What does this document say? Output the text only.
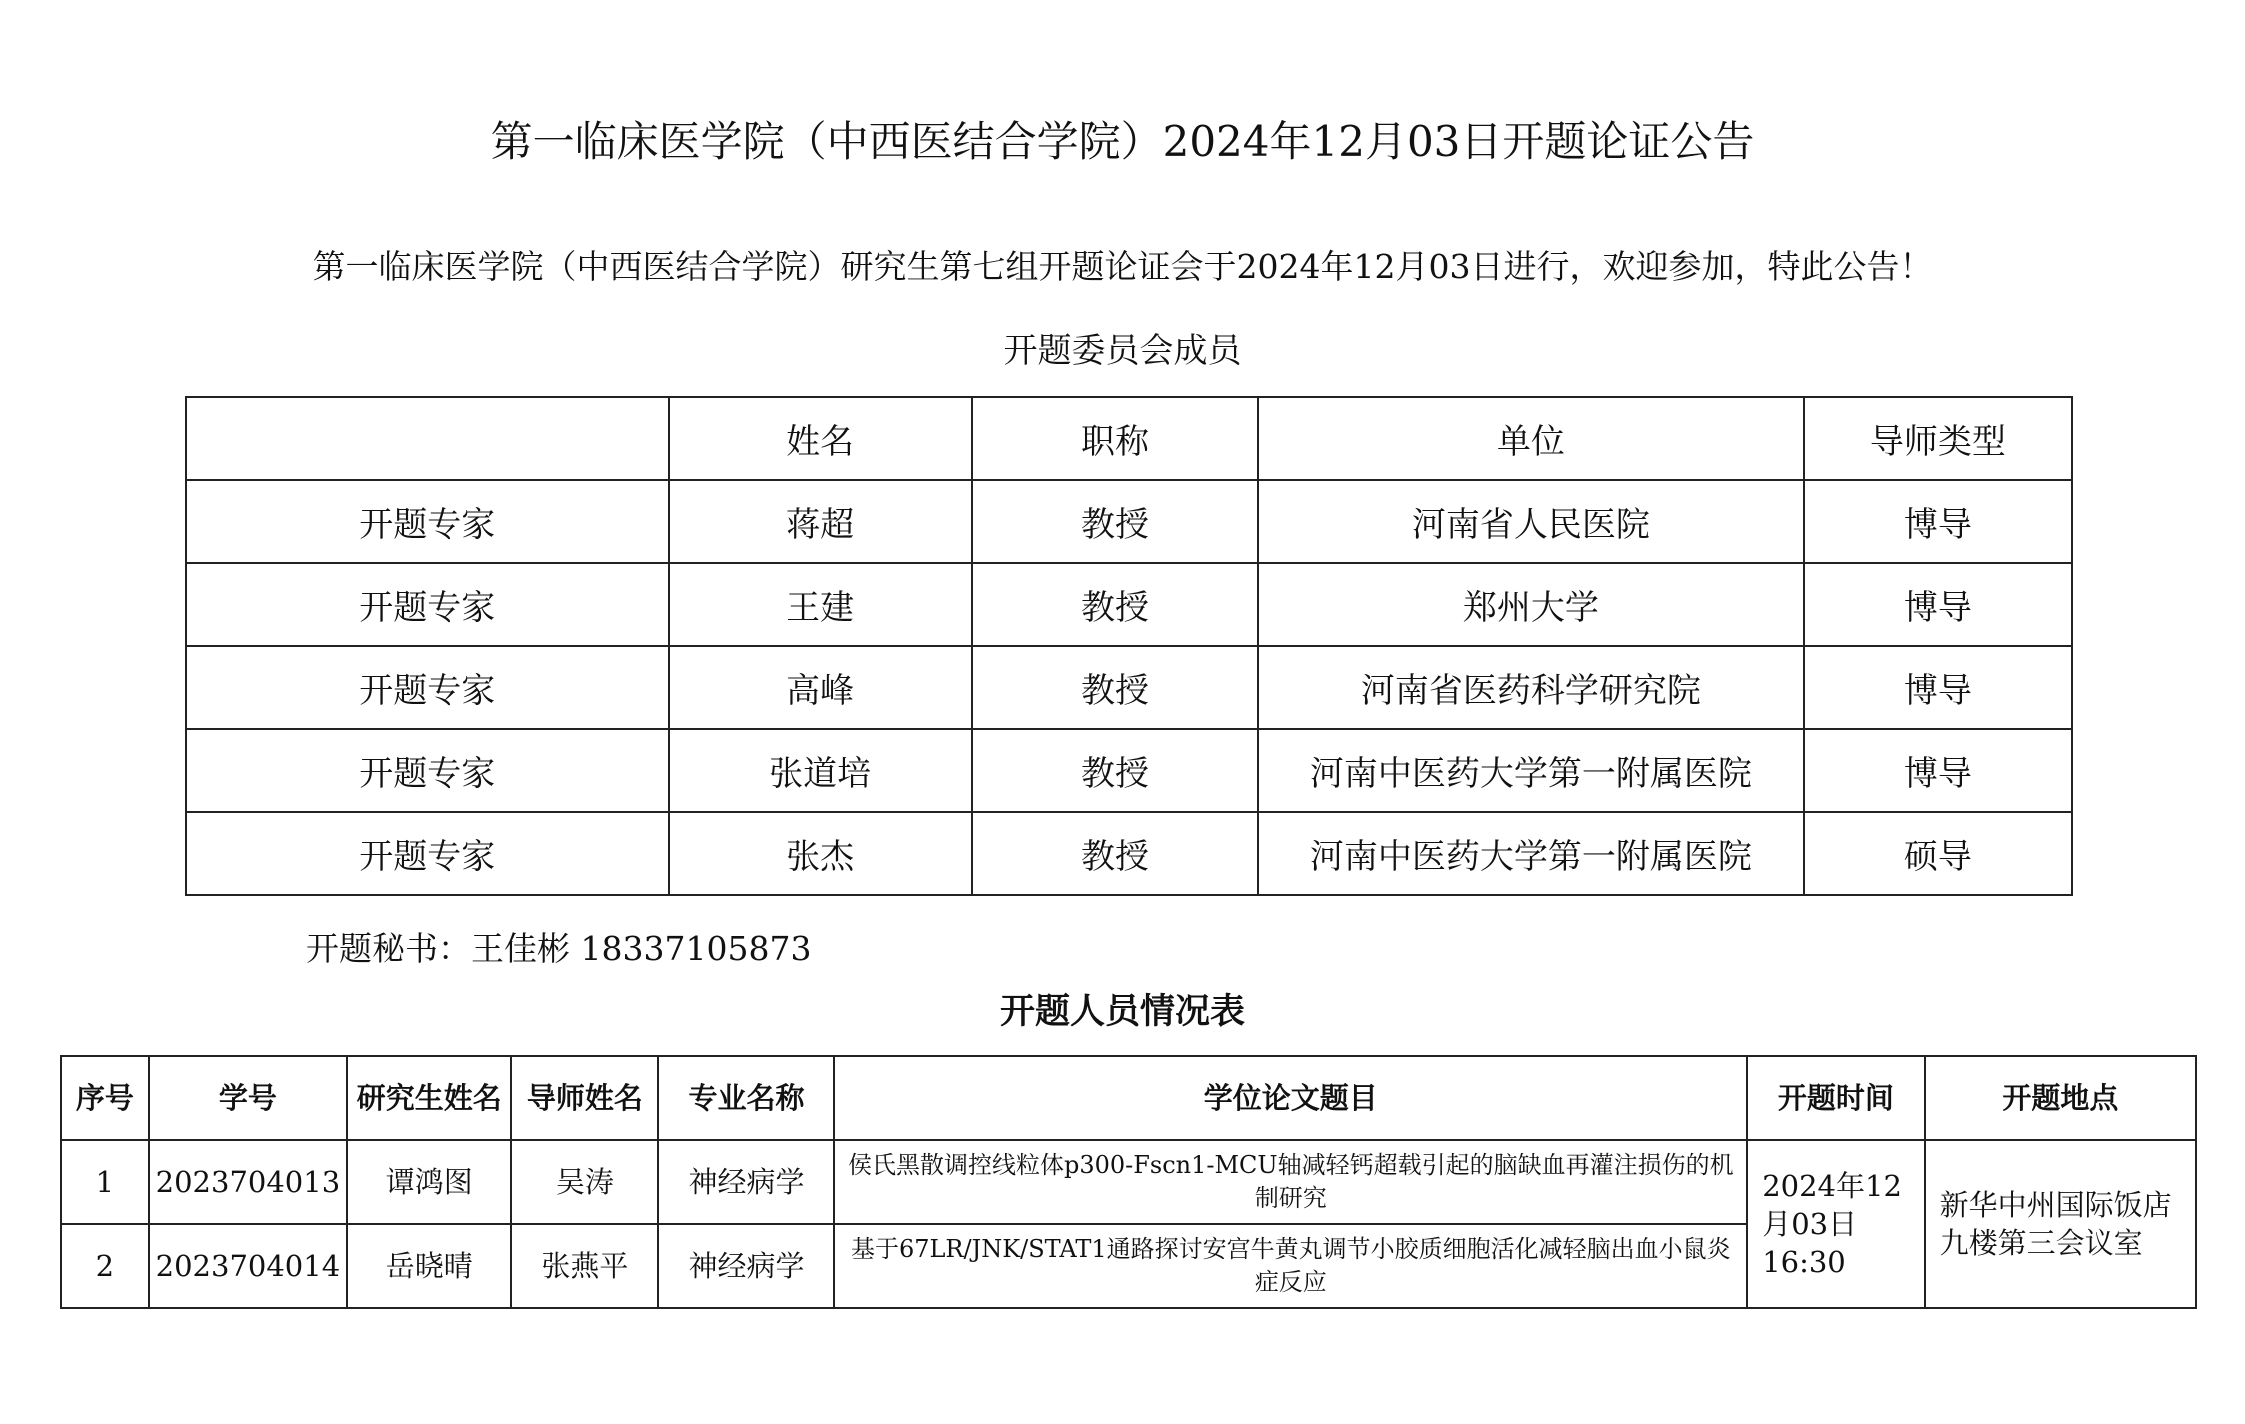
第一临床医学院（中西医结合学院）2024年12月03日开题论证公告
第一临床医学院（中西医结合学院）研究生第七组开题论证会于2024年12月03日进行，欢迎参加，特此公告！
开题委员会成员
	姓名	职称	单位	导师类型
开题专家	蒋超	教授	河南省人民医院	博导
开题专家	王建	教授	郑州大学	博导
开题专家	高峰	教授	河南省医药科学研究院	博导
开题专家	张道培	教授	河南中医药大学第一附属医院	博导
开题专家	张杰	教授	河南中医药大学第一附属医院	硕导
开题秘书：王佳彬 18337105873
开题人员情况表
序号	学号	研究生姓名	导师姓名	专业名称	学位论文题目	开题时间	开题地点
1	2023704013	谭鸿图	吴涛	神经病学	侯氏黑散调控线粒体p300-Fscn1-MCU轴减轻钙超载引起的脑缺血再灌注损伤的机制研究	2024年12月03日16:30	新华中州国际饭店九楼第三会议室
2	2023704014	岳晓晴	张燕平	神经病学	基于67LR/JNK/STAT1通路探讨安宫牛黄丸调节小胶质细胞活化减轻脑出血小鼠炎症反应		
